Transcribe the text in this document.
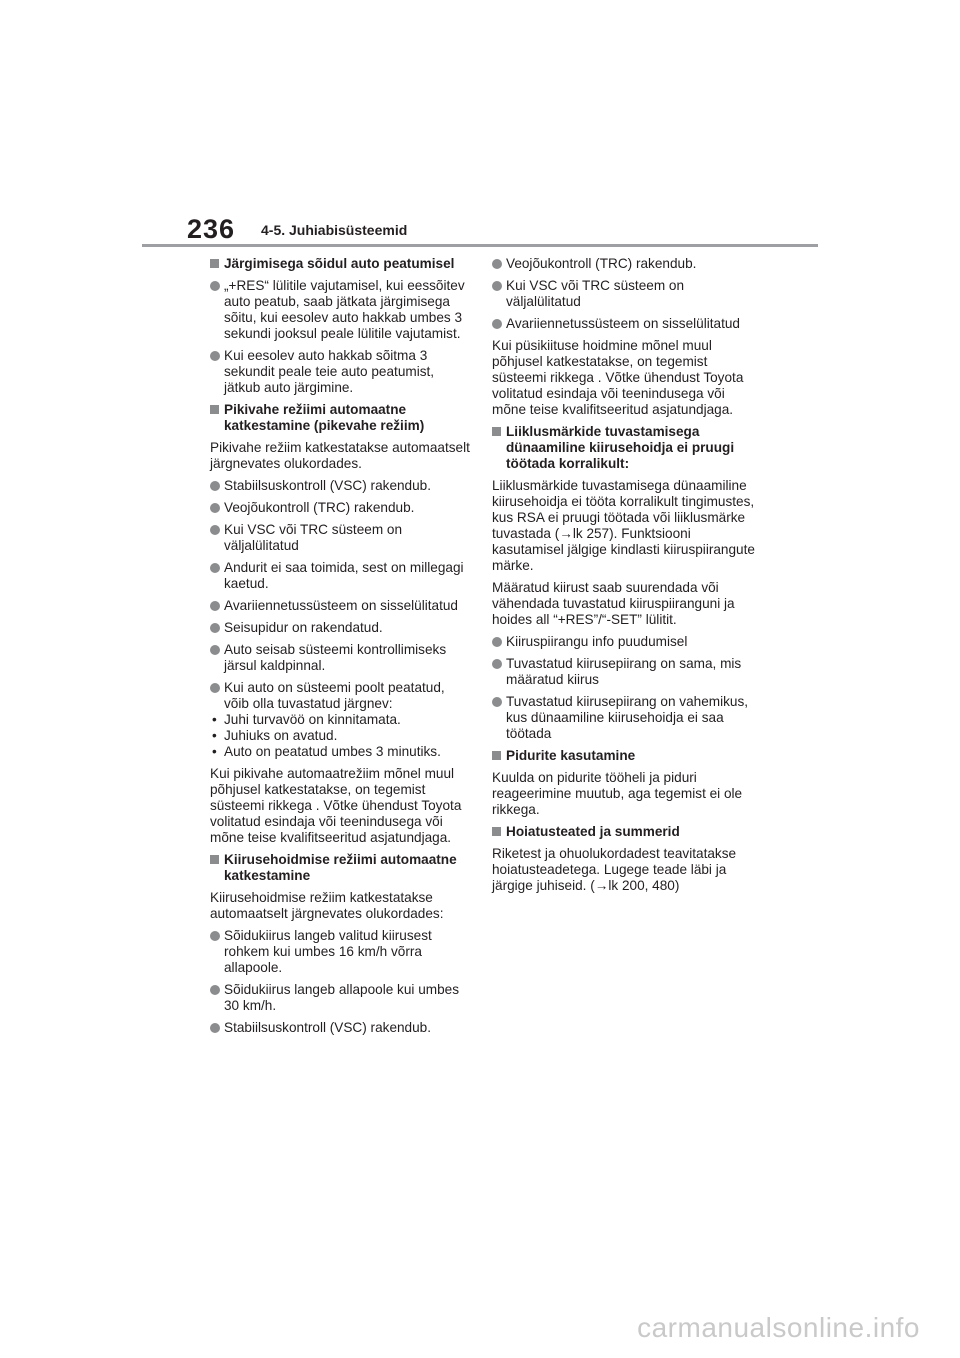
236 4-5. Juhiabisüsteemid
Järgimisega sõidul auto peatumisel
„+RES“ lülitile vajutamisel, kui eessõitev auto peatub, saab jätkata järgimisega sõitu, kui eesolev auto hakkab umbes 3 sekundi jooksul peale lülitile vajutamist.
Kui eesolev auto hakkab sõitma 3 sekundit peale teie auto peatumist, jätkub auto järgimine.
Pikivahe režiimi automaatne katkestamine (pikevahe režiim)

Pikivahe režiim katkestatakse automaatselt järgnevates olukordades.

Stabiilsuskontroll (VSC) rakendub.
Veojõukontroll (TRC) rakendub.
Kui VSC või TRC süsteem on väljalülitatud
Andurit ei saa toimida, sest on millegagi kaetud.
Avariiennetussüsteem on sisselülitatud
Seisupidur on rakendatud.
Auto seisab süsteemi kontrollimiseks järsul kaldpinnal.
Kui auto on süsteemi poolt peatatud, võib olla tuvastatud järgnev:
• Juhi turvavöö on kinnitamata.
• Juhiuks on avatud.
• Auto on peatatud umbes 3 minutiks.

Kui pikivahe automaatrežiim mõnel muul põhjusel katkestatakse, on tegemist süsteemi rikkega . Võtke ühendust Toyota volitatud esindaja või teenindusega või mõne teise kvalifitseeritud asjatundjaga.

Kiirusehoidmise režiimi automaatne katkestamine

Kiirusehoidmise režiim katkestatakse automaatselt järgnevates olukordades:

Sõidukiirus langeb valitud kiirusest rohkem kui umbes 16 km/h võrra allapoole.
Sõidukiirus langeb allapoole kui umbes 30 km/h.
Stabiilsuskontroll (VSC) rakendub.
Veojõukontroll (TRC) rakendub.
Kui VSC või TRC süsteem on väljalülitatud
Avariiennetussüsteem on sisselülitatud

Kui püsikiituse hoidmine mõnel muul põhjusel katkestatakse, on tegemist süsteemi rikkega . Võtke ühendust Toyota volitatud esindaja või teenindusega või mõne teise kvalifitseeritud asjatundjaga.

Liiklusmärkide tuvastamisega dünaamiline kiirusehoidja ei pruugi töötada korralikult:

Liiklusmärkide tuvastamisega dünaamiline kiirusehoidja ei tööta korralikult tingimustes, kus RSA ei pruugi töötada või liiklusmärke tuvastada (→lk 257). Funktsiooni kasutamisel jälgige kindlasti kiiruspiirangute märke.

Määratud kiirust saab suurendada või vähendada tuvastatud kiiruspiiranguni ja hoides all “+RES”/“-SET” lülitit.

Kiiruspiirangu info puudumisel
Tuvastatud kiirusepiirang on sama, mis määratud kiirus
Tuvastatud kiirusepiirang on vahemikus, kus dünaamiline kiirusehoidja ei saa töötada
Pidurite kasutamine

Kuulda on pidurite tööheli ja piduri reageerimine muutub, aga tegemist ei ole rikkega.

Hoiatusteated ja summerid

Riketest ja ohuolukordadest teavitatakse hoiatusteadetega. Lugege teade läbi ja järgige juhiseid. (→lk 200, 480)

carmanualsonline.info
